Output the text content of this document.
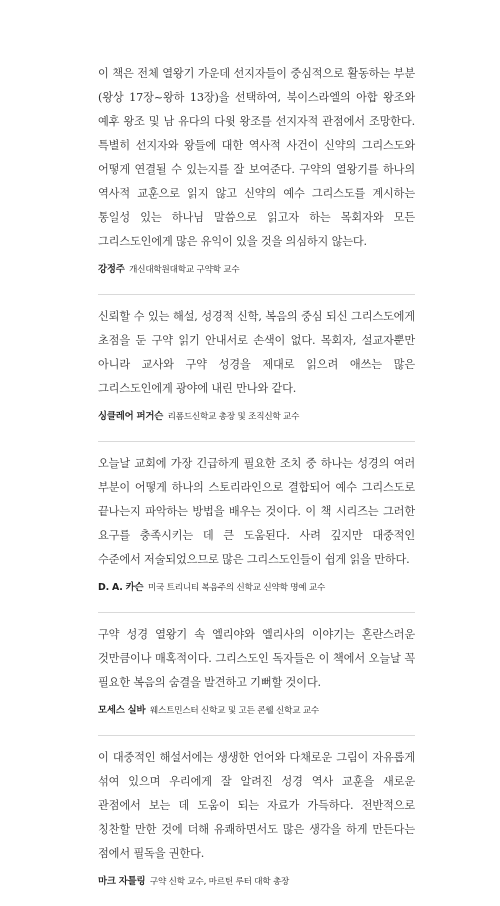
이 책은 전체 열왕기 가운데 선지자들이 중심적으로 활동하는 부분(왕상 17장~왕하 13장)을 선택하여, 북이스라엘의 아합 왕조와 예후 왕조 및 남 유다의 다윗 왕조를 선지자적 관점에서 조망한다. 특별히 선지자와 왕들에 대한 역사적 사건이 신약의 그리스도와 어떻게 연결될 수 있는지를 잘 보여준다. 구약의 열왕기를 하나의 역사적 교훈으로 읽지 않고 신약의 예수 그리스도를 계시하는 통일성 있는 하나님 말씀으로 읽고자 하는 목회자와 모든 그리스도인에게 많은 유익이 있을 것을 의심하지 않는다.

강정주 개신대학원대학교 구약학 교수

신뢰할 수 있는 해설, 성경적 신학, 복음의 중심 되신 그리스도에게 초점을 둔 구약 읽기 안내서로 손색이 없다. 목회자, 설교자뿐만 아니라 교사와 구약 성경을 제대로 읽으려 애쓰는 많은 그리스도인에게 광야에 내린 만나와 같다.

싱클레어 퍼거슨 리폼드신학교 총장 및 조직신학 교수

오늘날 교회에 가장 긴급하게 필요한 조치 중 하나는 성경의 여러 부분이 어떻게 하나의 스토리라인으로 결합되어 예수 그리스도로 끝나는지 파악하는 방법을 배우는 것이다. 이 책 시리즈는 그러한 요구를 충족시키는 데 큰 도움된다. 사려 깊지만 대중적인 수준에서 저술되었으므로 많은 그리스도인들이 쉽게 읽을 만하다.

D. A. 카슨 미국 트리니티 복음주의 신학교 신약학 명예 교수

구약 성경 열왕기 속 엘리야와 엘리사의 이야기는 혼란스러운 것만큼이나 매혹적이다. 그리스도인 독자들은 이 책에서 오늘날 꼭 필요한 복음의 숨결을 발견하고 기뻐할 것이다.

모세스 실바 웨스트민스터 신학교 및 고든 콘웰 신학교 교수

이 대중적인 해설서에는 생생한 언어와 다채로운 그림이 자유롭게 섞여 있으며 우리에게 잘 알려진 성경 역사 교훈을 새로운 관점에서 보는 데 도움이 되는 자료가 가득하다. 전반적으로 칭찬할 만한 것에 더해 유쾌하면서도 많은 생각을 하게 만든다는 점에서 필독을 권한다.

마크 자틀링 구약 신학 교수, 마르틴 루터 대학 총장
